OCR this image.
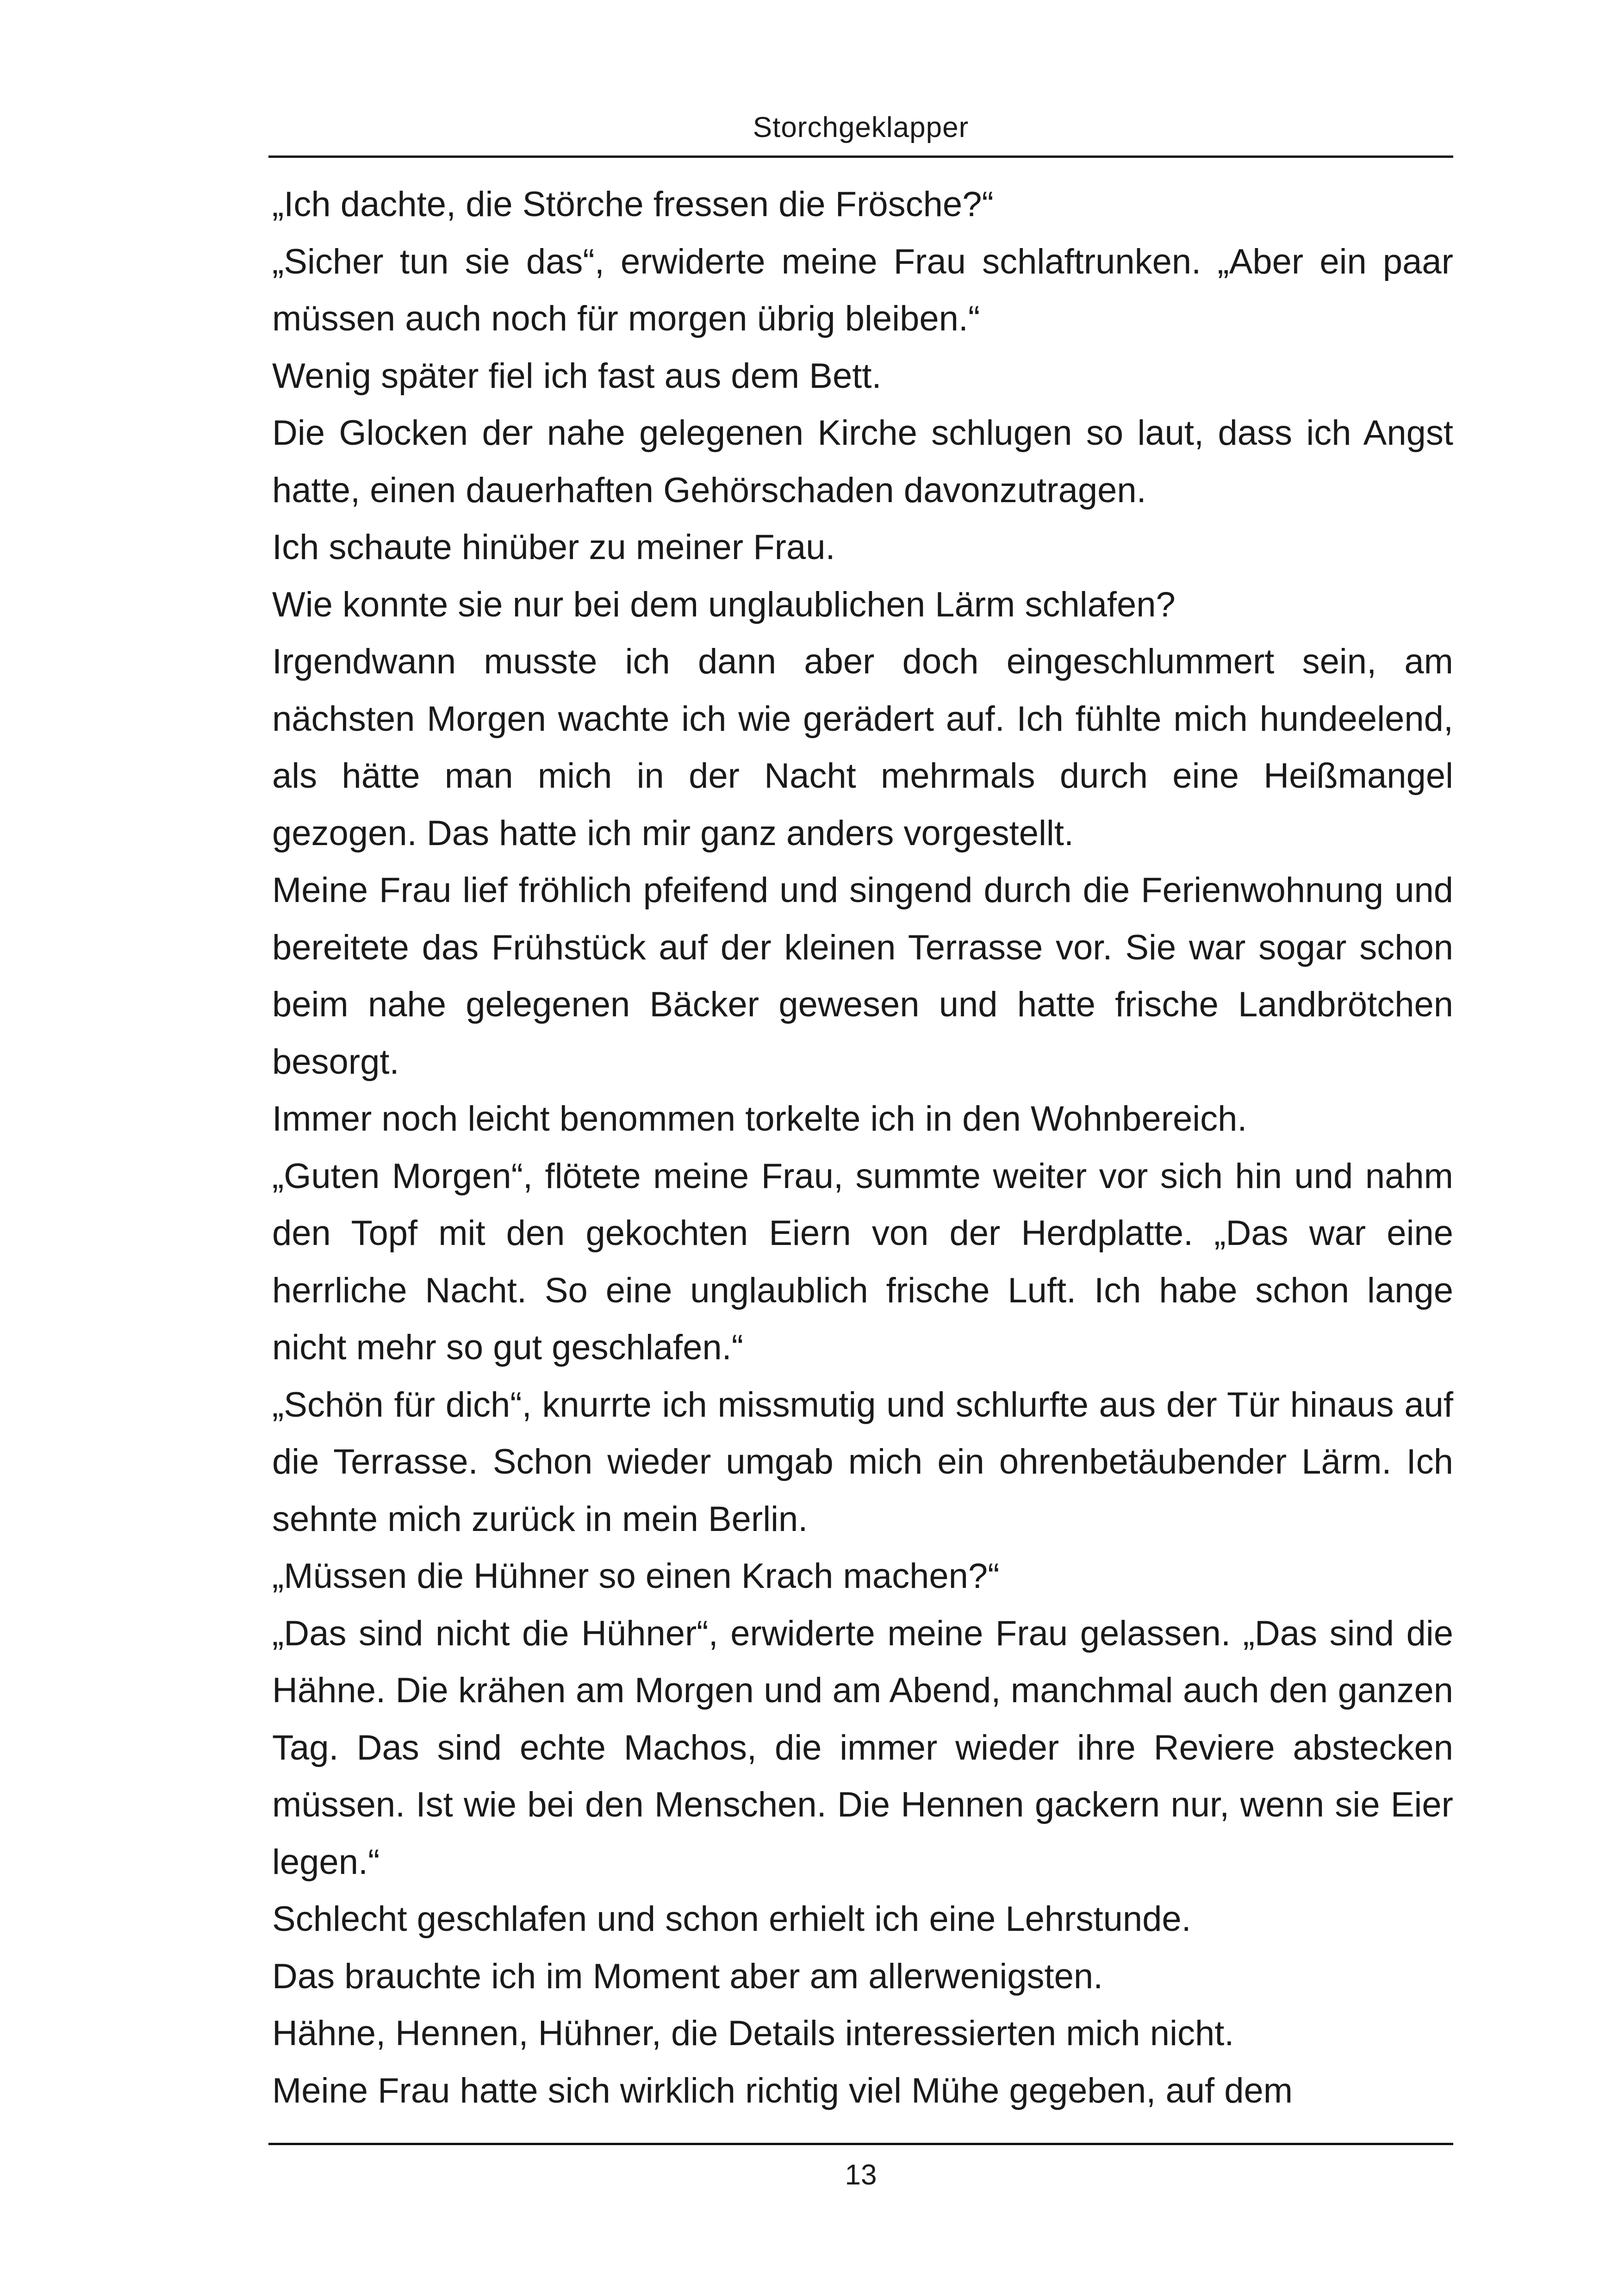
Storchgeklapper

„Ich dachte, die Störche fressen die Frösche?“

„Sicher tun sie das“, erwiderte meine Frau schlaftrunken. „Aber ein paar müssen auch noch für morgen übrig bleiben.“

Wenig später fiel ich fast aus dem Bett.

Die Glocken der nahe gelegenen Kirche schlugen so laut, dass ich Angst hatte, einen dauerhaften Gehörschaden davonzutragen.

Ich schaute hinüber zu meiner Frau.

Wie konnte sie nur bei dem unglaublichen Lärm schlafen?

Irgendwann musste ich dann aber doch eingeschlummert sein, am nächsten Morgen wachte ich wie gerädert auf. Ich fühlte mich hundeelend, als hätte man mich in der Nacht mehrmals durch eine Heißmangel gezogen. Das hatte ich mir ganz anders vorgestellt.

Meine Frau lief fröhlich pfeifend und singend durch die Ferienwohnung und bereitete das Frühstück auf der kleinen Terrasse vor. Sie war sogar schon beim nahe gelegenen Bäcker gewesen und hatte frische Landbrötchen besorgt.

Immer noch leicht benommen torkelte ich in den Wohnbereich.

„Guten Morgen“, flötete meine Frau, summte weiter vor sich hin und nahm den Topf mit den gekochten Eiern von der Herdplatte. „Das war eine herrliche Nacht. So eine unglaublich frische Luft. Ich habe schon lange nicht mehr so gut geschlafen.“

„Schön für dich“, knurrte ich missmutig und schlurfte aus der Tür hinaus auf die Terrasse. Schon wieder umgab mich ein ohrenbetäubender Lärm. Ich sehnte mich zurück in mein Berlin.

„Müssen die Hühner so einen Krach machen?“

„Das sind nicht die Hühner“, erwiderte meine Frau gelassen. „Das sind die Hähne. Die krähen am Morgen und am Abend, manchmal auch den ganzen Tag. Das sind echte Machos, die immer wieder ihre Reviere abstecken müssen. Ist wie bei den Menschen. Die Hennen gackern nur, wenn sie Eier legen.“

Schlecht geschlafen und schon erhielt ich eine Lehrstunde.

Das brauchte ich im Moment aber am allerwenigsten.

Hähne, Hennen, Hühner, die Details interessierten mich nicht.

Meine Frau hatte sich wirklich richtig viel Mühe gegeben, auf dem

13
